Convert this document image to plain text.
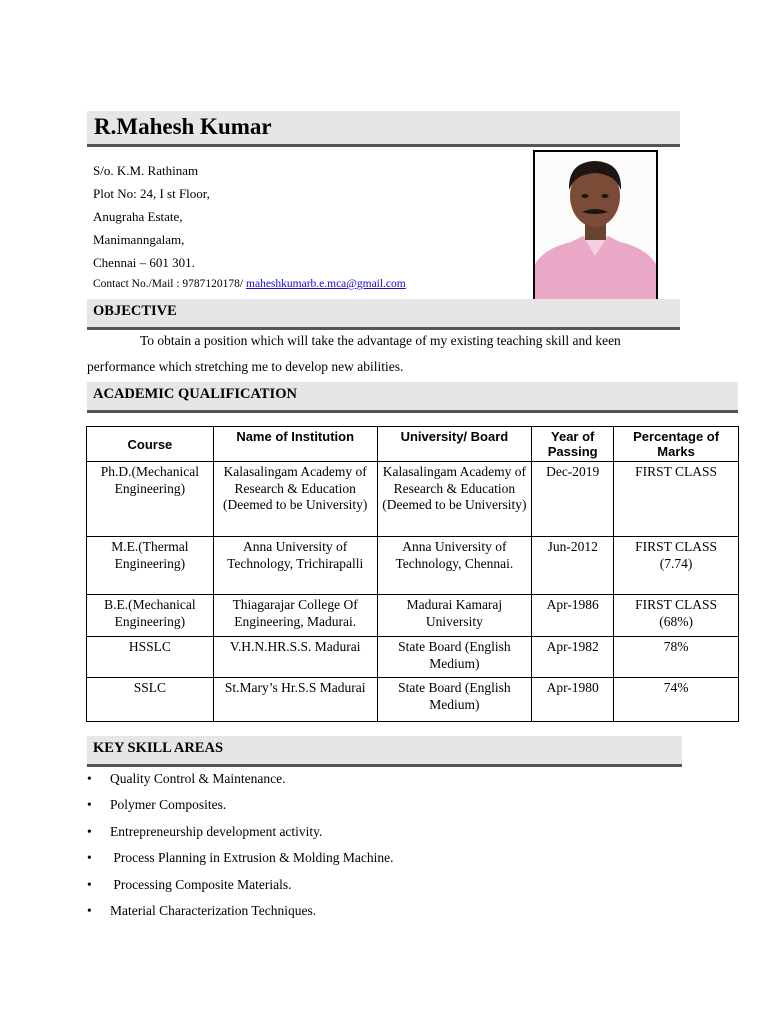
R.Mahesh Kumar
S/o. K.M. Rathinam
Plot No: 24, I st Floor,
Anugraha Estate,
Manimanngalam,
Chennai – 601 301.
Contact No./Mail : 9787120178/ maheshkumarb.e.mca@gmail.com
OBJECTIVE
To obtain a position which will take the advantage of my existing teaching skill and keen
performance which stretching me to develop new abilities.
ACADEMIC QUALIFICATION
Course	Name of Institution	University/ Board	Year of Passing	Percentage of Marks
Ph.D.(Mechanical Engineering)	Kalasalingam Academy of Research & Education (Deemed to be University)	Kalasalingam Academy of Research & Education (Deemed to be University)	Dec-2019	FIRST CLASS
M.E.(Thermal Engineering)	Anna University of Technology, Trichirapalli	Anna University of Technology, Chennai.	Jun-2012	FIRST CLASS (7.74)
B.E.(Mechanical Engineering)	Thiagarajar College Of Engineering, Madurai.	Madurai Kamaraj University	Apr-1986	FIRST CLASS (68%)
HSSLC	V.H.N.HR.S.S. Madurai	State Board (English Medium)	Apr-1982	78%
SSLC	St.Mary’s Hr.S.S Madurai	State Board (English Medium)	Apr-1980	74%
KEY SKILL AREAS
• Quality Control & Maintenance.
• Polymer Composites.
• Entrepreneurship development activity.
• Process Planning in Extrusion & Molding Machine.
• Processing Composite Materials.
• Material Characterization Techniques.
